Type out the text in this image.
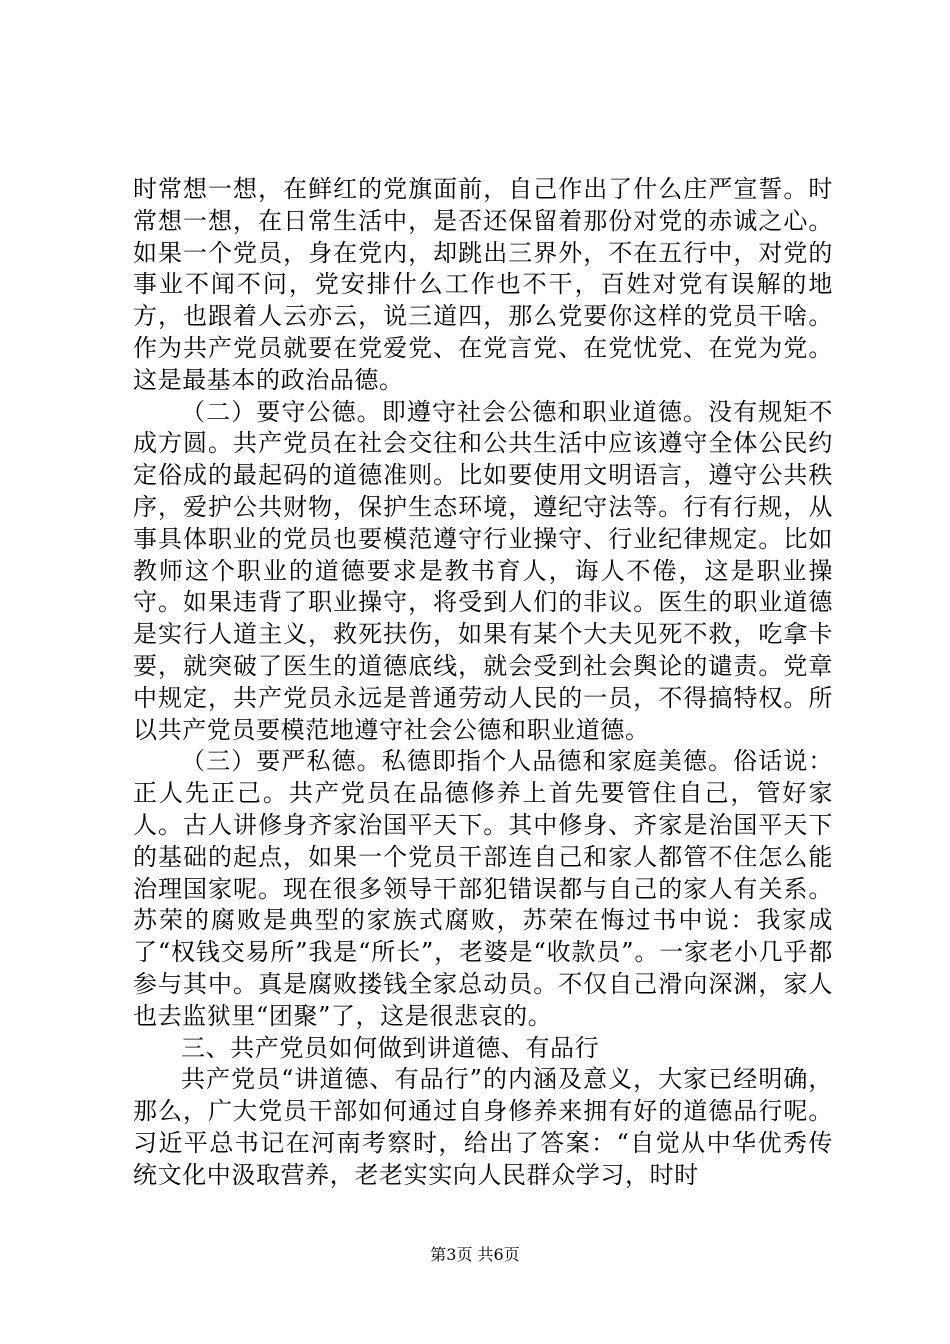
时常想一想，在鲜红的党旗面前，自己作出了什么庄严宣誓。时常想一想，在日常生活中，是否还保留着那份对党的赤诚之心。如果一个党员，身在党内，却跳出三界外，不在五行中，对党的事业不闻不问，党安排什么工作也不干，百姓对党有误解的地方，也跟着人云亦云，说三道四，那么党要你这样的党员干啥。作为共产党员就要在党爱党、在党言党、在党忧党、在党为党。这是最基本的政治品德。

（二）要守公德。即遵守社会公德和职业道德。没有规矩不成方圆。共产党员在社会交往和公共生活中应该遵守全体公民约定俗成的最起码的道德准则。比如要使用文明语言，遵守公共秩序，爱护公共财物，保护生态环境，遵纪守法等。行有行规，从事具体职业的党员也要模范遵守行业操守、行业纪律规定。比如教师这个职业的道德要求是教书育人，诲人不倦，这是职业操守。如果违背了职业操守，将受到人们的非议。医生的职业道德是实行人道主义，救死扶伤，如果有某个大夫见死不救，吃拿卡要，就突破了医生的道德底线，就会受到社会舆论的谴责。党章中规定，共产党员永远是普通劳动人民的一员，不得搞特权。所以共产党员要模范地遵守社会公德和职业道德。

（三）要严私德。私德即指个人品德和家庭美德。俗话说：正人先正己。共产党员在品德修养上首先要管住自己，管好家人。古人讲修身齐家治国平天下。其中修身、齐家是治国平天下的基础的起点，如果一个党员干部连自己和家人都管不住怎么能治理国家呢。现在很多领导干部犯错误都与自己的家人有关系。苏荣的腐败是典型的家族式腐败，苏荣在悔过书中说：我家成了“权钱交易所”我是“所长”，老婆是“收款员”。一家老小几乎都参与其中。真是腐败搂钱全家总动员。不仅自己滑向深渊，家人也去监狱里“团聚”了，这是很悲哀的。

三、共产党员如何做到讲道德、有品行

共产党员“讲道德、有品行”的内涵及意义，大家已经明确，那么，广大党员干部如何通过自身修养来拥有好的道德品行呢。习近平总书记在河南考察时，给出了答案：“自觉从中华优秀传统文化中汲取营养，老老实实向人民群众学习，时时

第3页 共6页
